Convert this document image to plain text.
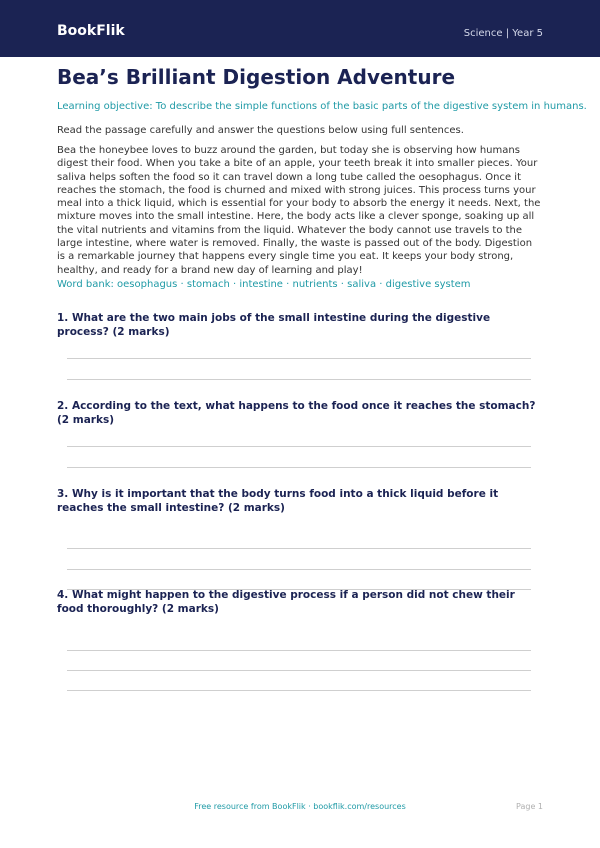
BookFlik	Science | Year 5
Bea’s Brilliant Digestion Adventure

Learning objective: To describe the simple functions of the basic parts of the digestive system in humans.

Read the passage carefully and answer the questions below using full sentences.

Bea the honeybee loves to buzz around the garden, but today she is observing how humans digest their food. When you take a bite of an apple, your teeth break it into smaller pieces. Your saliva helps soften the food so it can travel down a long tube called the oesophagus. Once it reaches the stomach, the food is churned and mixed with strong juices. This process turns your meal into a thick liquid, which is essential for your body to absorb the energy it needs. Next, the mixture moves into the small intestine. Here, the body acts like a clever sponge, soaking up all the vital nutrients and vitamins from the liquid. Whatever the body cannot use travels to the large intestine, where water is removed. Finally, the waste is passed out of the body. Digestion is a remarkable journey that happens every single time you eat. It keeps your body strong, healthy, and ready for a brand new day of learning and play!

Word bank: oesophagus · stomach · intestine · nutrients · saliva · digestive system

1. What are the two main jobs of the small intestine during the digestive process? (2 marks)

2. According to the text, what happens to the food once it reaches the stomach? (2 marks)

3. Why is it important that the body turns food into a thick liquid before it reaches the small intestine? (2 marks)

4. What might happen to the digestive process if a person did not chew their food thoroughly? (2 marks)

Free resource from BookFlik · bookflik.com/resources	Page 1
